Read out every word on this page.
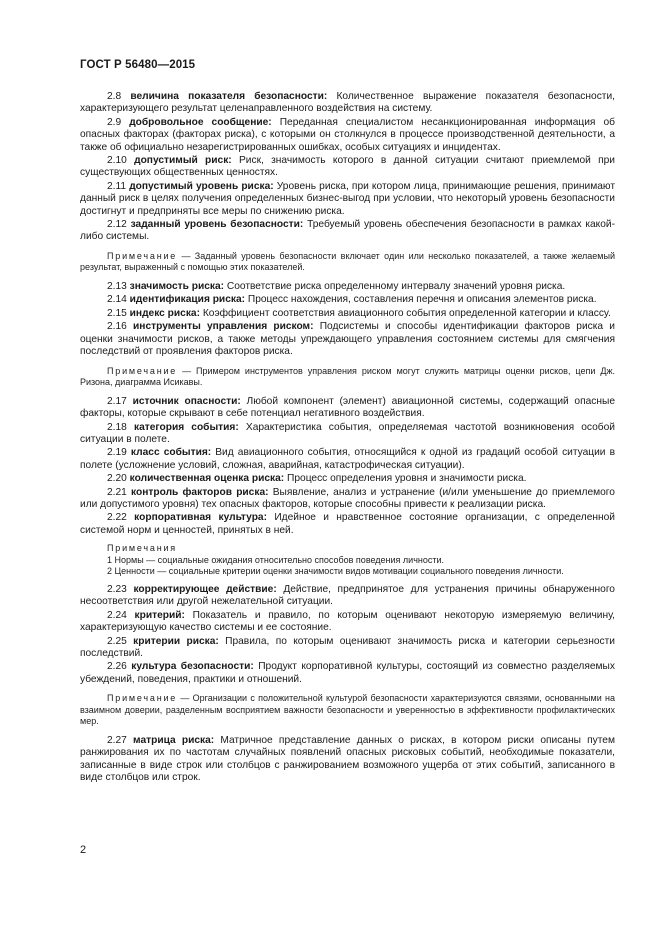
ГОСТ Р 56480—2015

2.8 величина показателя безопасности: Количественное выражение показателя безопасности, характеризующего результат целенаправленного воздействия на систему.

2.9 добровольное сообщение: Переданная специалистом несанкционированная информация об опасных факторах (факторах риска), с которыми он столкнулся в процессе производственной деятельности, а также об официально незарегистрированных ошибках, особых ситуациях и инцидентах.

2.10 допустимый риск: Риск, значимость которого в данной ситуации считают приемлемой при существующих общественных ценностях.

2.11 допустимый уровень риска: Уровень риска, при котором лица, принимающие решения, принимают данный риск в целях получения определенных бизнес-выгод при условии, что некоторый уровень безопасности достигнут и предприняты все меры по снижению риска.

2.12 заданный уровень безопасности: Требуемый уровень обеспечения безопасности в рамках какой-либо системы.

Примечание — Заданный уровень безопасности включает один или несколько показателей, а также желаемый результат, выраженный с помощью этих показателей.

2.13 значимость риска: Соответствие риска определенному интервалу значений уровня риска.

2.14 идентификация риска: Процесс нахождения, составления перечня и описания элементов риска.

2.15 индекс риска: Коэффициент соответствия авиационного события определенной категории и классу.

2.16 инструменты управления риском: Подсистемы и способы идентификации факторов риска и оценки значимости рисков, а также методы упреждающего управления состоянием системы для смягчения последствий от проявления факторов риска.

Примечание — Примером инструментов управления риском могут служить матрицы оценки рисков, цепи Дж. Ризона, диаграмма Исикавы.

2.17 источник опасности: Любой компонент (элемент) авиационной системы, содержащий опасные факторы, которые скрывают в себе потенциал негативного воздействия.

2.18 категория события: Характеристика события, определяемая частотой возникновения особой ситуации в полете.

2.19 класс события: Вид авиационного события, относящийся к одной из градаций особой ситуации в полете (усложнение условий, сложная, аварийная, катастрофическая ситуации).

2.20 количественная оценка риска: Процесс определения уровня и значимости риска.

2.21 контроль факторов риска: Выявление, анализ и устранение (и/или уменьшение до приемлемого или допустимого уровня) тех опасных факторов, которые способны привести к реализации риска.

2.22 корпоративная культура: Идейное и нравственное состояние организации, с определенной системой норм и ценностей, принятых в ней.

Примечания
1 Нормы — социальные ожидания относительно способов поведения личности.
2 Ценности — социальные критерии оценки значимости видов мотивации социального поведения личности.

2.23 корректирующее действие: Действие, предпринятое для устранения причины обнаруженного несоответствия или другой нежелательной ситуации.

2.24 критерий: Показатель и правило, по которым оценивают некоторую измеряемую величину, характеризующую качество системы и ее состояние.

2.25 критерии риска: Правила, по которым оценивают значимость риска и категории серьезности последствий.

2.26 культура безопасности: Продукт корпоративной культуры, состоящий из совместно разделяемых убеждений, поведения, практики и отношений.

Примечание — Организации с положительной культурой безопасности характеризуются связями, основанными на взаимном доверии, разделенным восприятием важности безопасности и уверенностью в эффективности профилактических мер.

2.27 матрица риска: Матричное представление данных о рисках, в котором риски описаны путем ранжирования их по частотам случайных появлений опасных рисковых событий, необходимые показатели, записанные в виде строк или столбцов с ранжированием возможного ущерба от этих событий, записанного в виде столбцов или строк.

2
